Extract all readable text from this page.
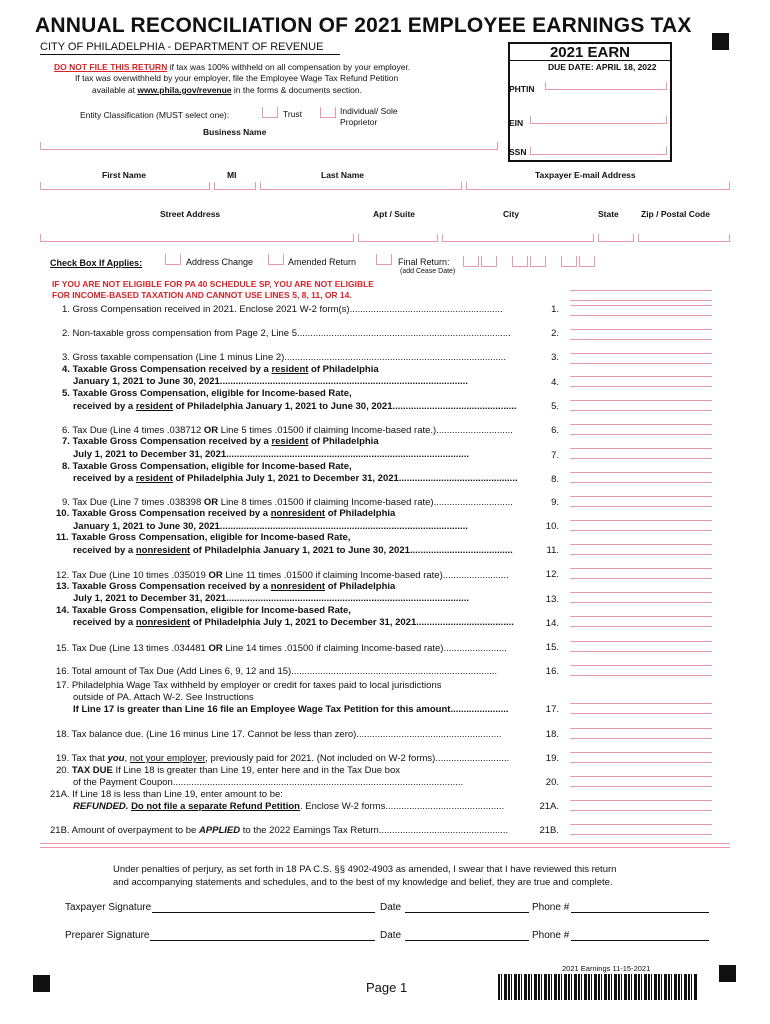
ANNUAL RECONCILIATION OF 2021 EMPLOYEE EARNINGS TAX
CITY OF PHILADELPHIA - DEPARTMENT OF REVENUE	2021 EARN
DUE DATE: APRIL 18, 2022
PHTIN
EIN
SSN
DO NOT FILE THIS RETURN if tax was 100% withheld on all compensation by your employer.
If tax was overwithheld by your employer, file the Employee Wage Tax Refund Petition
available at www.phila.gov/revenue in the forms & documents section.
Entity Classification (MUST select one):	Trust	Individual/ Sole
Proprietor
Business Name
First Name	MI	Last Name	Taxpayer E-mail Address
Street Address	Apt / Suite	City	State	Zip / Postal Code
Check Box If Applies:	Address Change	Amended Return	Final Return:
(add Cease Date)
IF YOU ARE NOT ELIGIBLE FOR PA 40 SCHEDULE SP, YOU ARE NOT ELIGIBLE
FOR INCOME-BASED TAXATION AND CANNOT USE LINES 5, 8, 11, OR 14.
1. Gross Compensation received in 2021. Enclose 2021 W-2 form(s)..........................................................	1.
2. Non-taxable gross compensation from Page 2, Line 5.................................................................................	2.
3. Gross taxable compensation (Line 1 minus Line 2)....................................................................................	3.
4. Taxable Gross Compensation received by a resident of Philadelphia
January 1, 2021 to June 30, 2021..............................................................................................	4.
5. Taxable Gross Compensation, eligible for Income-based Rate,
received by a resident of Philadelphia January 1, 2021 to June 30, 2021...............................................	5.
6. Tax Due (Line 4 times .038712 OR Line 5 times .01500 if claiming Income-based rate.).............................	6.
7. Taxable Gross Compensation received by a resident of Philadelphia
July 1, 2021 to December 31, 2021............................................................................................	7.
8. Taxable Gross Compensation, eligible for Income-based Rate,
received by a resident of Philadelphia July 1, 2021 to December 31, 2021.............................................	8.
9. Tax Due (Line 7 times .038398 OR Line 8 times .01500 if claiming Income-based rate)..............................	9.
10. Taxable Gross Compensation received by a nonresident of Philadelphia
January 1, 2021 to June 30, 2021..............................................................................................	10.
11. Taxable Gross Compensation, eligible for Income-based Rate,
received by a nonresident of Philadelphia January 1, 2021 to June 30, 2021.......................................	11.
12. Tax Due (Line 10 times .035019 OR Line 11 times .01500 if claiming Income-based rate).........................	12.
13. Taxable Gross Compensation received by a nonresident of Philadelphia
July 1, 2021 to December 31, 2021............................................................................................	13.
14. Taxable Gross Compensation, eligible for Income-based Rate,
received by a nonresident of Philadelphia July 1, 2021 to December 31, 2021.....................................	14.
15. Tax Due (Line 13 times .034481 OR Line 14 times .01500 if claiming Income-based rate)........................	15.
16. Total amount of Tax Due (Add Lines 6, 9, 12 and 15)..............................................................................	16.
17. Philadelphia Wage Tax withheld by employer or credit for taxes paid to local jurisdictions
outside of PA. Attach W-2. See Instructions
If Line 17 is greater than Line 16 file an Employee Wage Tax Petition for this amount......................	17.
18. Tax balance due. (Line 16 minus Line 17. Cannot be less than zero).......................................................	18.
19. Tax that you, not your employer, previously paid for 2021. (Not included on W-2 forms)............................	19.
20. TAX DUE If Line 18 is greater than Line 19, enter here and in the Tax Due box
of the Payment Coupon..............................................................................................................	20.
21A. If Line 18 is less than Line 19, enter amount to be:
REFUNDED. Do not file a separate Refund Petition. Enclose W-2 forms.............................................	21A.
21B. Amount of overpayment to be APPLIED to the 2022 Earnings Tax Return.................................................	21B.
Under penalties of perjury, as set forth in 18 PA C.S. §§ 4902-4903 as amended, I swear that I have reviewed this return
and accompanying statements and schedules, and to the best of my knowledge and belief, they are true and complete.
Taxpayer Signature	Date	Phone #
Preparer Signature	Date	Phone #
2021 Earnings 11-15-2021
Page 1
